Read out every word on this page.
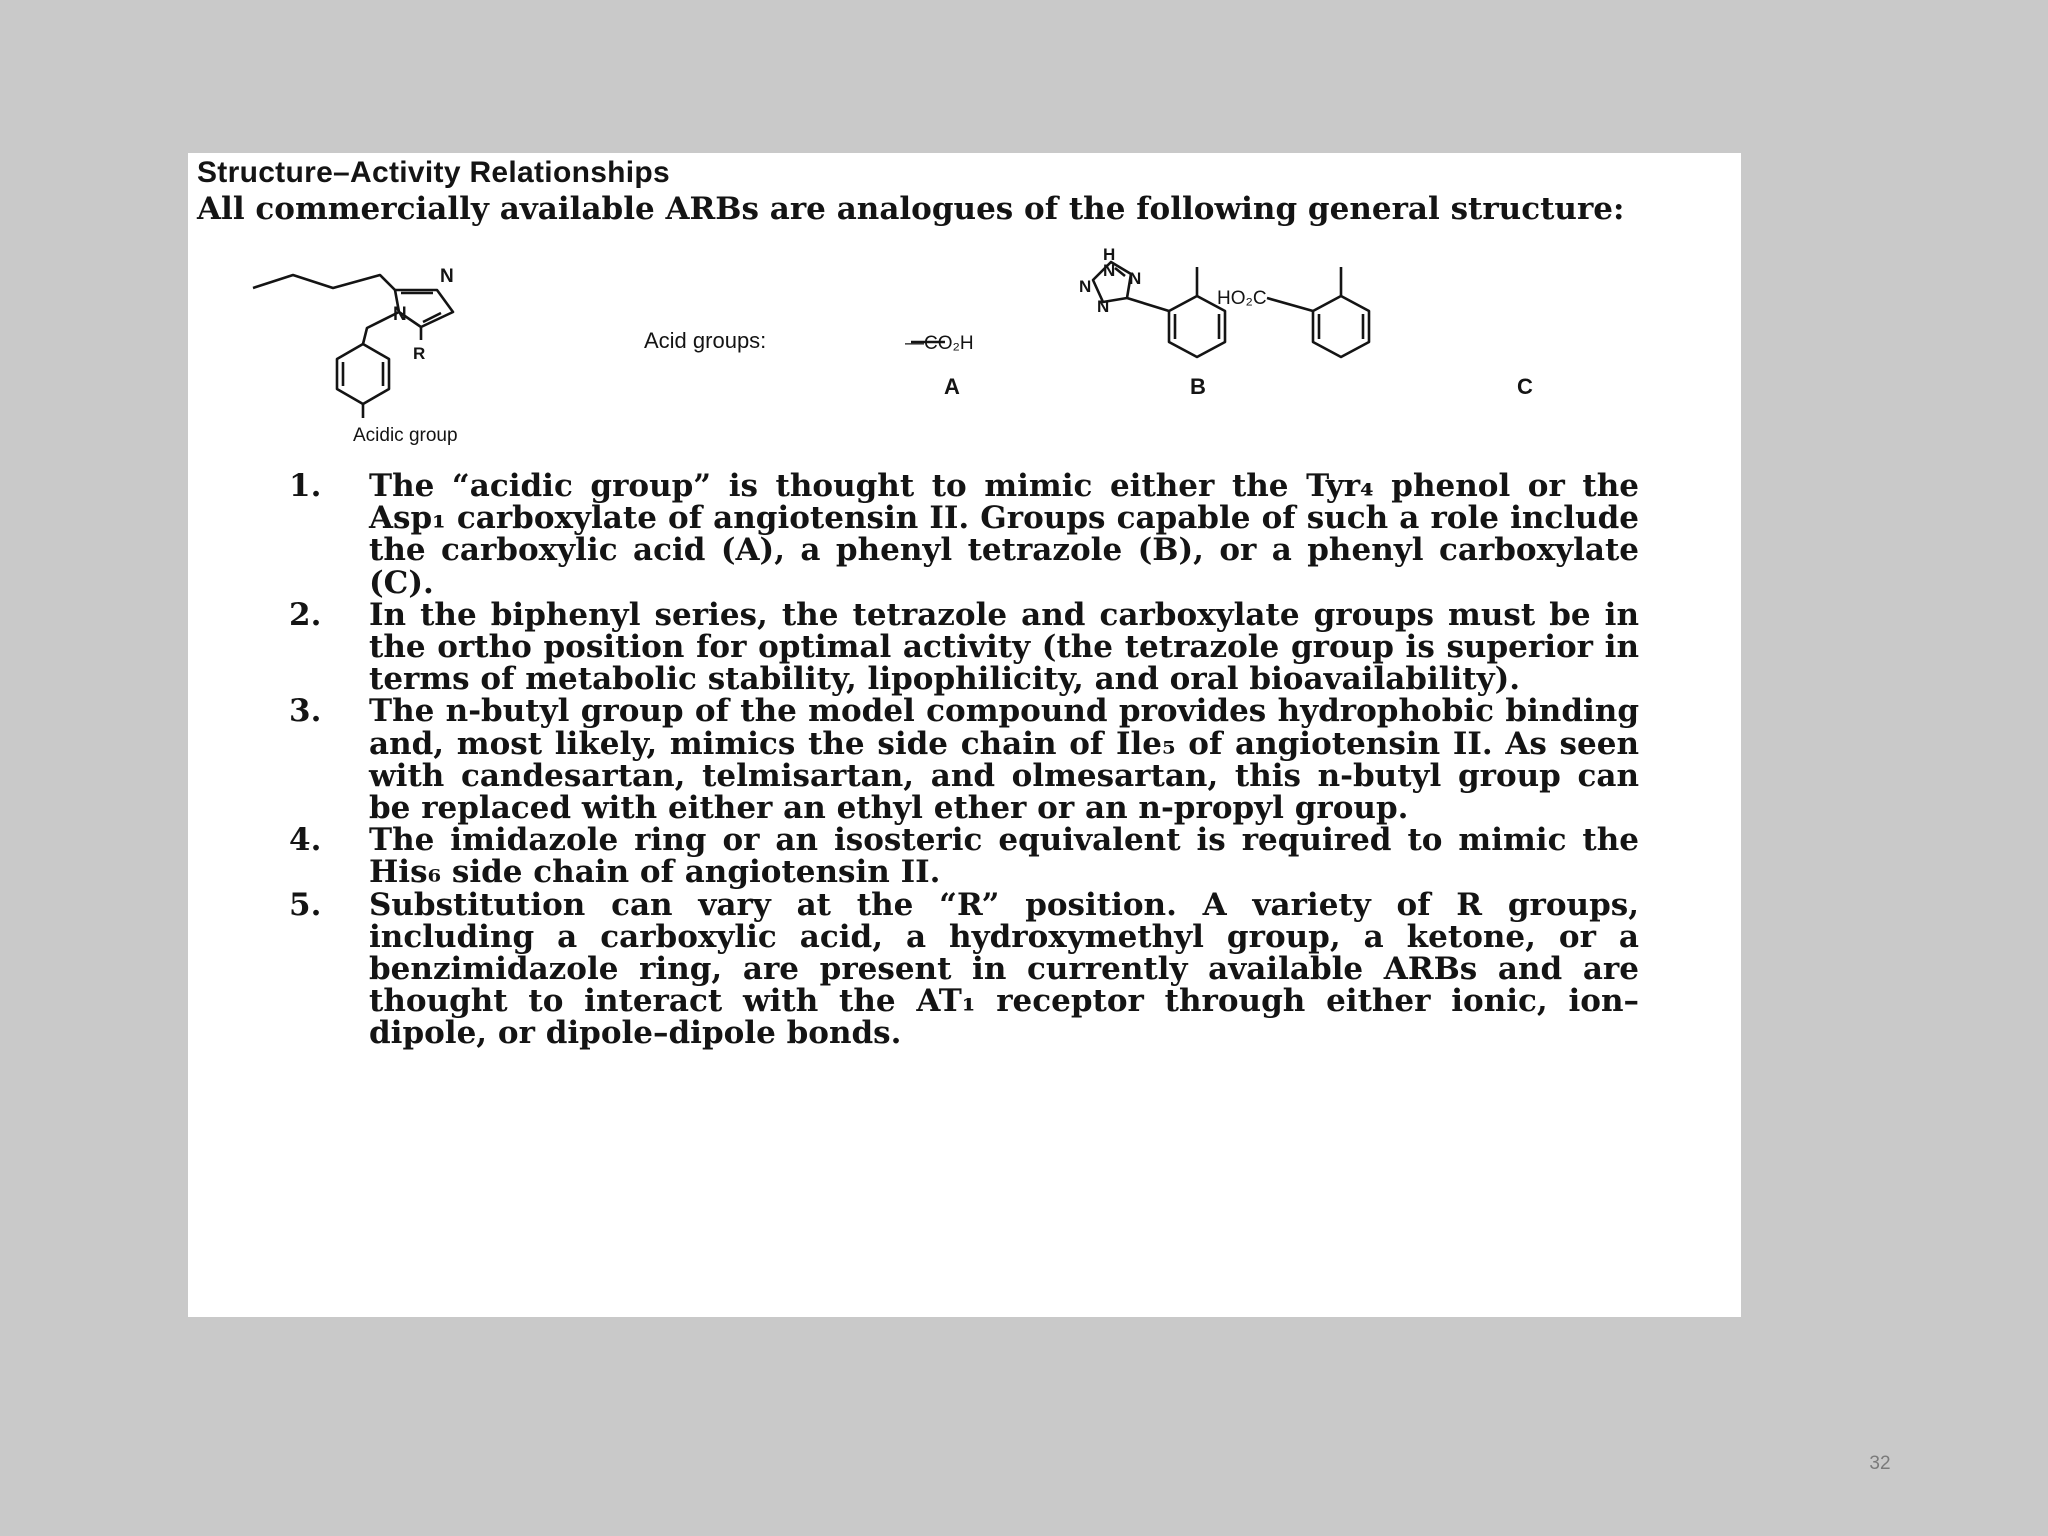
Structure–Activity Relationships
All commercially available ARBs are analogues of the following general structure:
N
N
R
Acidic group
Acid groups:	—CO₂H
H
N N
N
N	HO₂C
A	B	C
1.	The “acidic group” is thought to mimic either the Tyr₄ phenol or the Asp₁ carboxylate of angiotensin II. Groups capable of such a role include the carboxylic acid (A), a phenyl tetrazole (B), or a phenyl carboxylate (C).
2.	In the biphenyl series, the tetrazole and carboxylate groups must be in the ortho position for optimal activity (the tetrazole group is superior in terms of metabolic stability, lipophilicity, and oral bioavailability).
3.	The n-butyl group of the model compound provides hydrophobic binding and, most likely, mimics the side chain of Ile₅ of angiotensin II. As seen with candesartan, telmisartan, and olmesartan, this n-butyl group can be replaced with either an ethyl ether or an n-propyl group.
4.	The imidazole ring or an isosteric equivalent is required to mimic the His₆ side chain of angiotensin II.
5.	Substitution can vary at the “R” position. A variety of R groups, including a carboxylic acid, a hydroxymethyl group, a ketone, or a benzimidazole ring, are present in currently available ARBs and are thought to interact with the AT₁ receptor through either ionic, ion–dipole, or dipole–dipole bonds.
32
